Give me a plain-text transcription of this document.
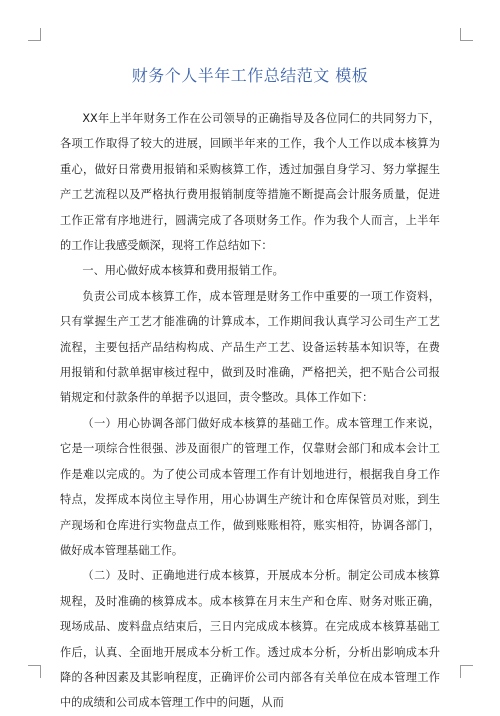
财务个人半年工作总结范文 模板

XX年上半年财务工作在公司领导的正确指导及各位同仁的共同努力下，各项工作取得了较大的进展，回顾半年来的工作，我个人工作以成本核算为重心，做好日常费用报销和采购核算工作，透过加强自身学习、努力掌握生产工艺流程以及严格执行费用报销制度等措施不断提高会计服务质量，促进工作正常有序地进行，圆满完成了各项财务工作。作为我个人而言，上半年的工作让我感受颇深，现将工作总结如下：

一、用心做好成本核算和费用报销工作。

负责公司成本核算工作，成本管理是财务工作中重要的一项工作资料，只有掌握生产工艺才能准确的计算成本，工作期间我认真学习公司生产工艺流程，主要包括产品结构构成、产品生产工艺、设备运转基本知识等，在费用报销和付款单据审核过程中，做到及时准确，严格把关，把不贴合公司报销规定和付款条件的单据予以退回，责令整改。具体工作如下：

（一）用心协调各部门做好成本核算的基础工作。成本管理工作来说，它是一项综合性很强、涉及面很广的管理工作，仅靠财会部门和成本会计工作是难以完成的。为了使公司成本管理工作有计划地进行，根据我自身工作特点，发挥成本岗位主导作用，用心协调生产统计和仓库保管员对账，到生产现场和仓库进行实物盘点工作，做到账账相符，账实相符，协调各部门，做好成本管理基础工作。

（二）及时、正确地进行成本核算，开展成本分析。制定公司成本核算规程，及时准确的核算成本。成本核算在月末生产和仓库、财务对账正确，现场成品、废料盘点结束后，三日内完成成本核算。在完成成本核算基础工作后，认真、全面地开展成本分析工作。透过成本分析，分析出影响成本升降的各种因素及其影响程度，正确评价公司内部各有关单位在成本管理工作中的成绩和公司成本管理工作中的问题，从而
